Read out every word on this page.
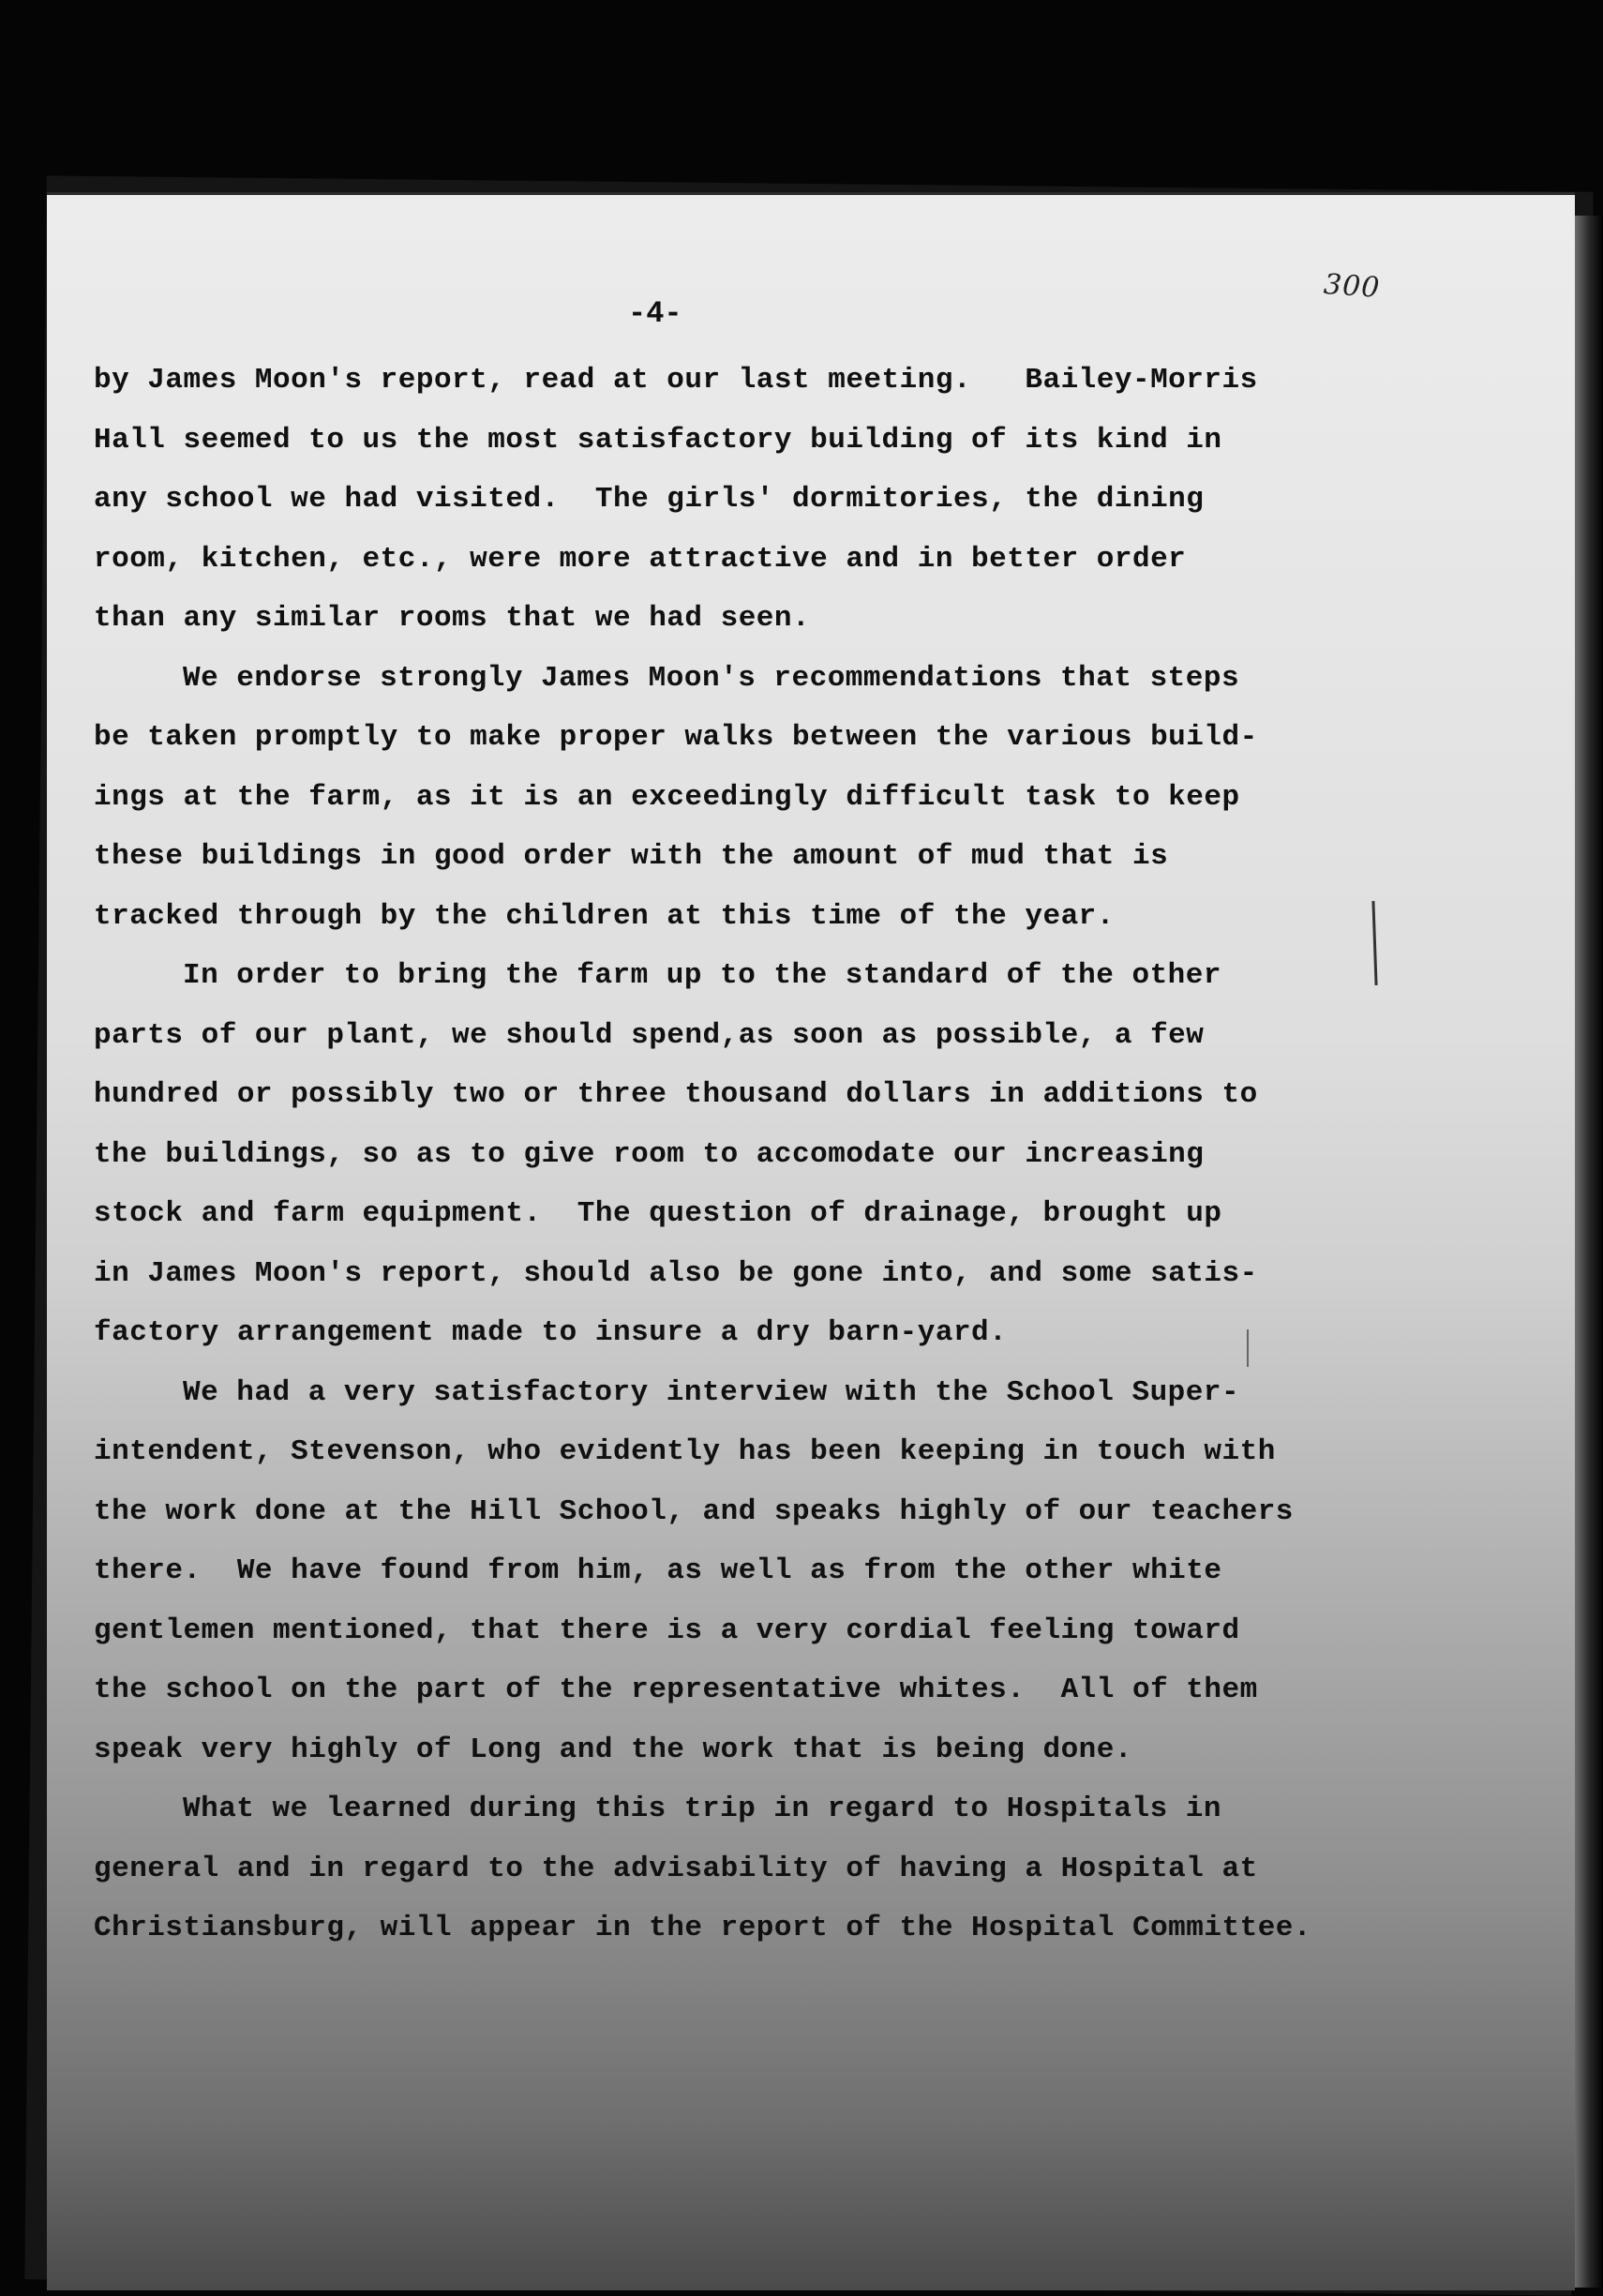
300
-4-
by James Moon's report, read at our last meeting.   Bailey-Morris
Hall seemed to us the most satisfactory building of its kind in
any school we had visited.  The girls' dormitories, the dining
room, kitchen, etc., were more attractive and in better order
than any similar rooms that we had seen.
We endorse strongly James Moon's recommendations that steps
be taken promptly to make proper walks between the various build-
ings at the farm, as it is an exceedingly difficult task to keep
these buildings in good order with the amount of mud that is
tracked through by the children at this time of the year.
In order to bring the farm up to the standard of the other
parts of our plant, we should spend,as soon as possible, a few
hundred or possibly two or three thousand dollars in additions to
the buildings, so as to give room to accomodate our increasing
stock and farm equipment.  The question of drainage, brought up
in James Moon's report, should also be gone into, and some satis-
factory arrangement made to insure a dry barn-yard.
We had a very satisfactory interview with the School Super-
intendent, Stevenson, who evidently has been keeping in touch with
the work done at the Hill School, and speaks highly of our teachers
there.  We have found from him, as well as from the other white
gentlemen mentioned, that there is a very cordial feeling toward
the school on the part of the representative whites.  All of them
speak very highly of Long and the work that is being done.
What we learned during this trip in regard to Hospitals in
general and in regard to the advisability of having a Hospital at
Christiansburg, will appear in the report of the Hospital Committee.
